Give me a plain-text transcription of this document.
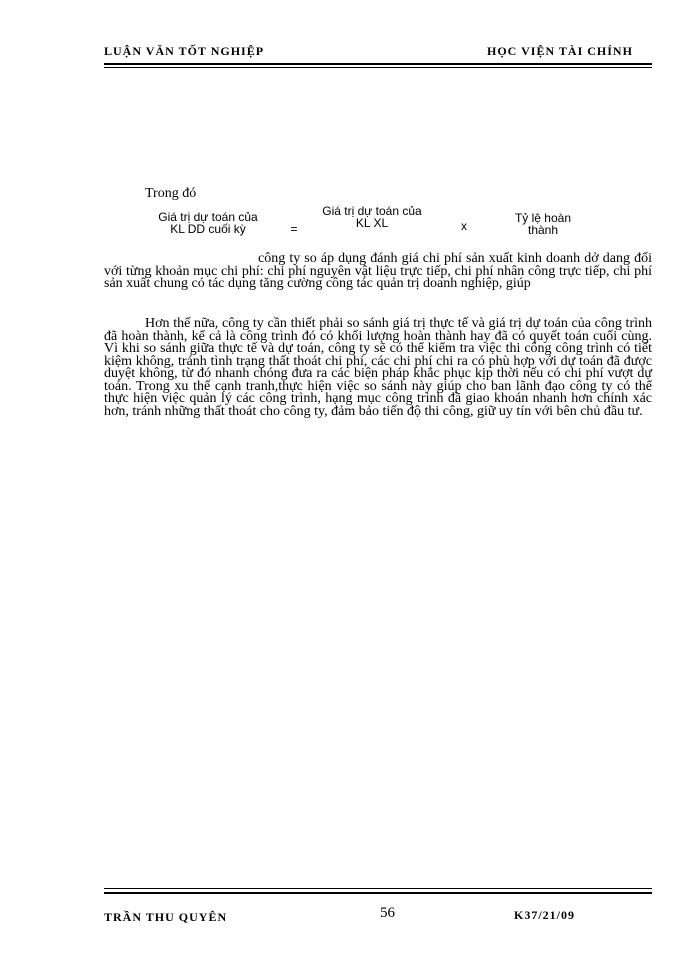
LUẬN VĂN TỐT NGHIỆP	HỌC VIỆN TÀI CHÍNH
Trong đó
Giá trị dự toán của KL DD cuối kỳ	=
Giá trị dự toán của KL XL	x
Tỷ lệ hoàn thành
công ty so áp dụng đánh giá chi phí sản xuất kinh doanh dở dang đối với từng khoản mục chi phí: chi phí nguyên vật liệu trực tiếp, chi phí nhân công trực tiếp, chi phí sản xuất chung có tác dụng tăng cường công tác quản trị doanh nghiệp, giúp
Hơn thế nữa, công ty cần thiết phải so sánh giá trị thực tế và giá trị dự toán của công trình đã hoàn thành, kể cả là công trình đó có khối lượng hoàn thành hay đã có quyết toán cuối cùng. Vì khi so sánh giữa thực tế và dự toán, công ty sẽ có thể kiểm tra việc thi công công trình có tiết kiệm không, tránh tình trạng thất thoát chi phí, các chi phí chi ra có phù hợp với dự toán đã được duyệt không, từ đó nhanh chóng đưa ra các biện pháp khắc phục kịp thời nếu có chi phí vượt dự toán. Trong xu thế cạnh tranh,thực hiện việc so sánh này giúp cho ban lãnh đạo công ty có thể thực hiện việc quản lý các công trình, hạng mục công trình đã giao khoán nhanh hơn chính xác hơn, tránh những thất thoát cho công ty, đảm bảo tiến độ thi công, giữ uy tín với bên chủ đầu tư.
TRẦN THU QUYÊN	56	K37/21/09
